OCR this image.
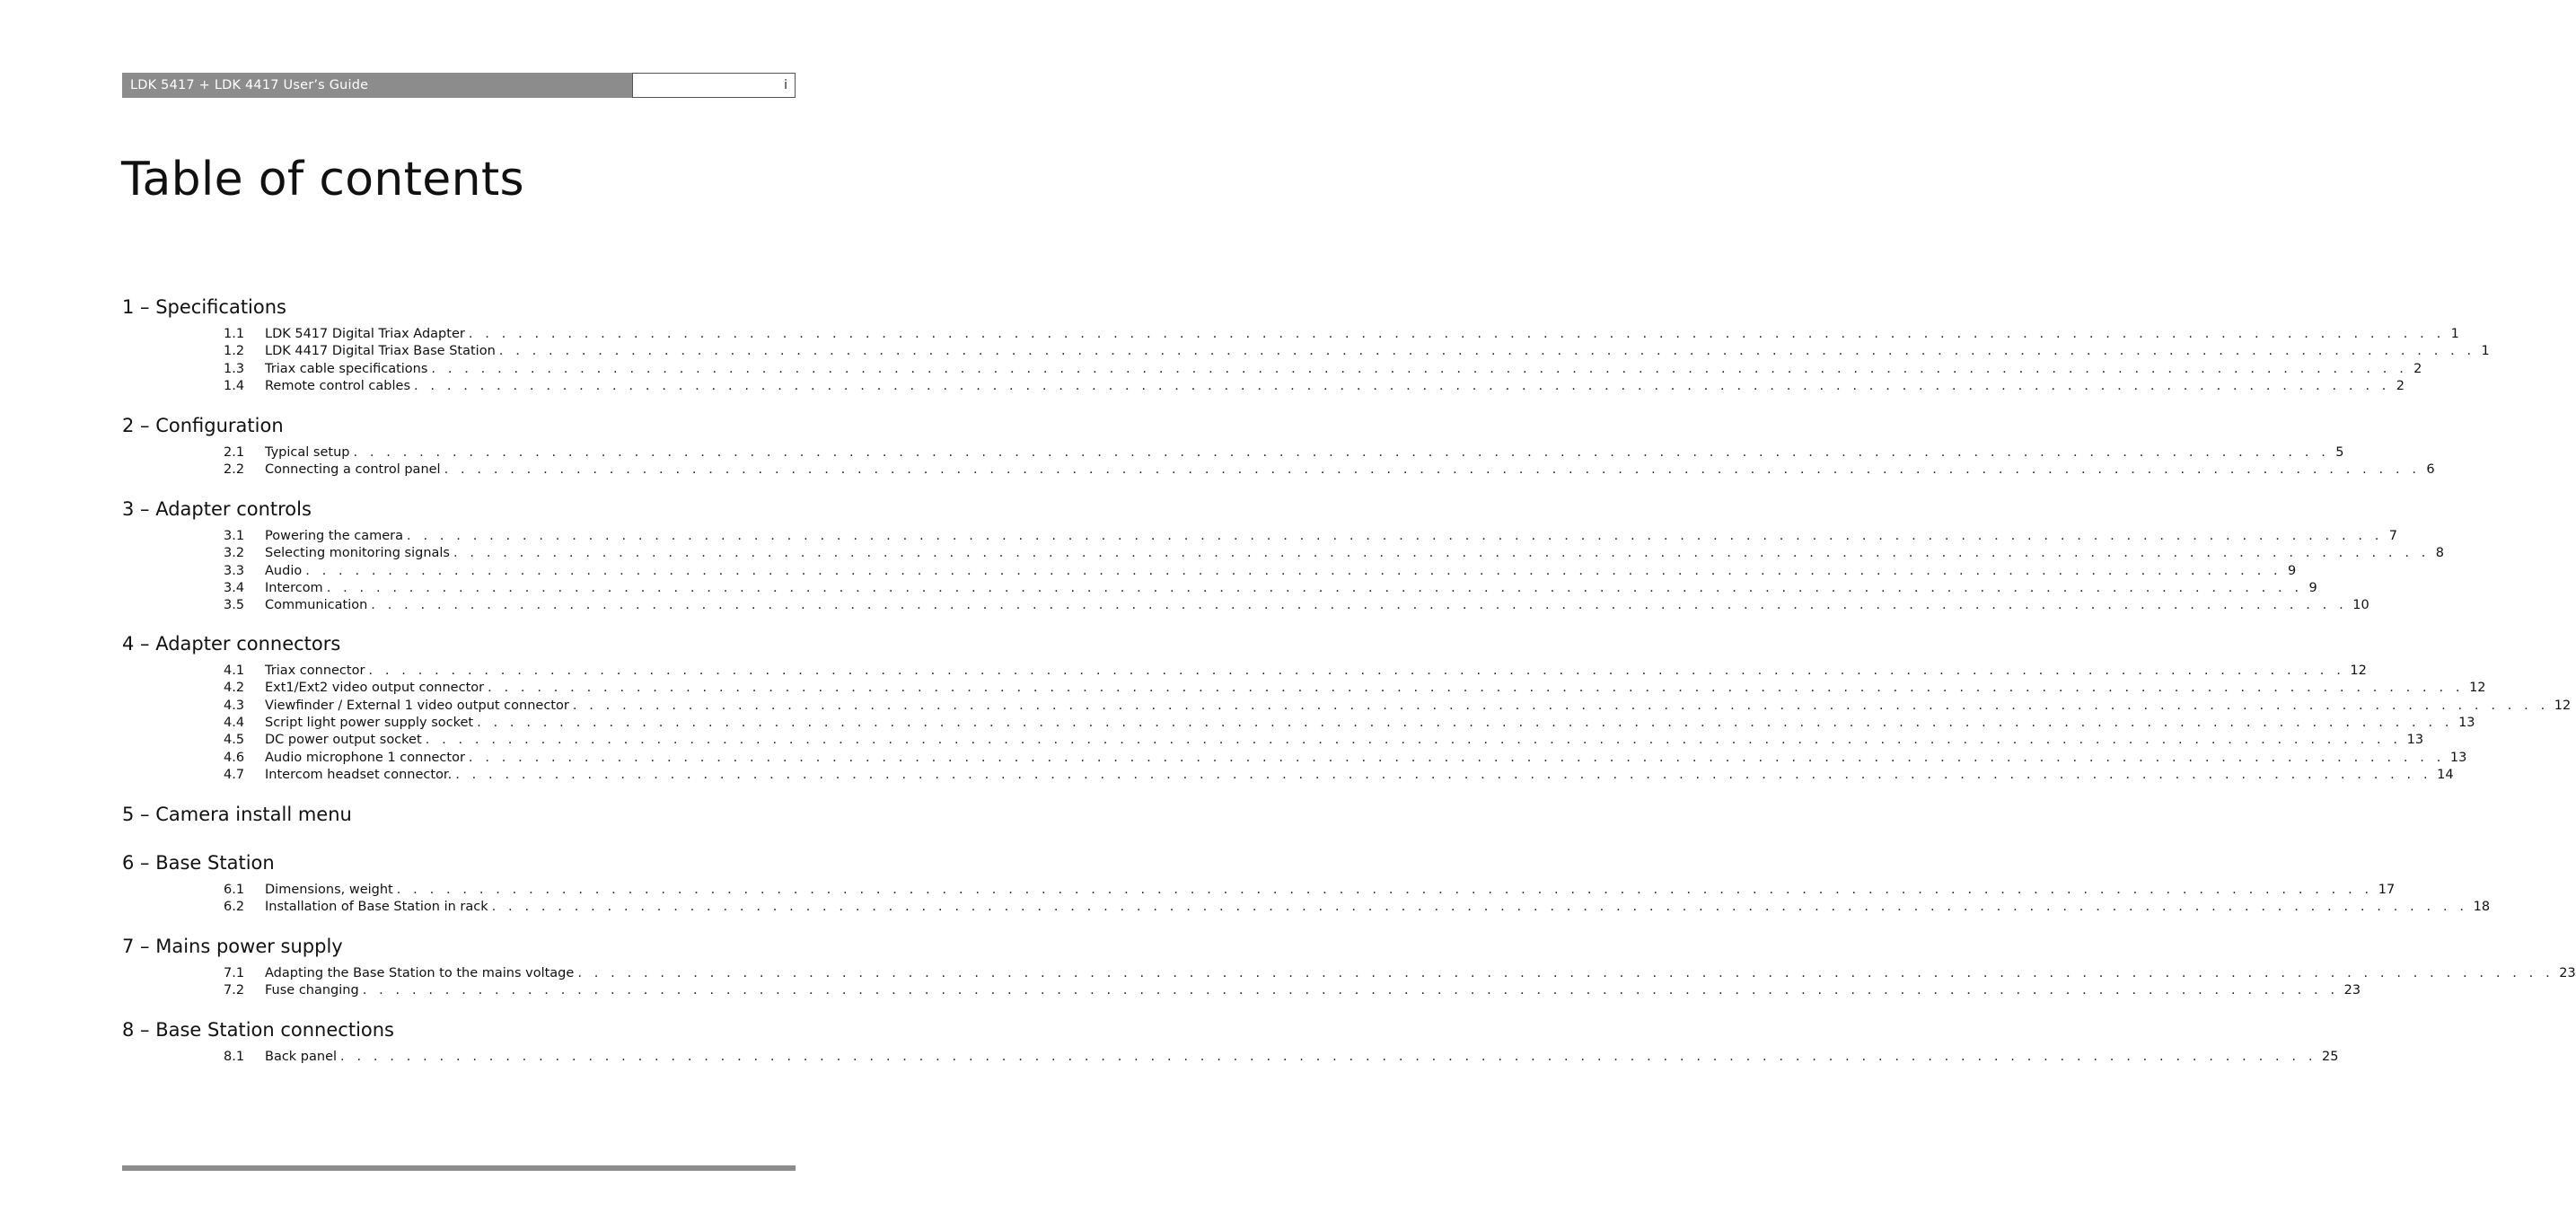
LDK 5417 + LDK 4417 User’s Guide	i
Table of contents
1 – Specifications
1.1	LDK 5417 Digital Triax Adapter . . . . . . . . . . . . . . . . . . . . . . . . . . . . . . . . . . . . . . . . . . . . . . . . . . . . . . . . . . . . . . . . . . . . . . . . . . . . . . . . . . . . . . . . . . . . . . . . . . . . . . . . . . . . . . . . . . . . . . . . 1
1.2	LDK 4417 Digital Triax Base Station . . . . . . . . . . . . . . . . . . . . . . . . . . . . . . . . . . . . . . . . . . . . . . . . . . . . . . . . . . . . . . . . . . . . . . . . . . . . . . . . . . . . . . . . . . . . . . . . . . . . . . . . . . . . . . . . . . . . . . . . 1
1.3	Triax cable specifications . . . . . . . . . . . . . . . . . . . . . . . . . . . . . . . . . . . . . . . . . . . . . . . . . . . . . . . . . . . . . . . . . . . . . . . . . . . . . . . . . . . . . . . . . . . . . . . . . . . . . . . . . . . . . . . . . . . . . . . . 2
1.4	Remote control cables . . . . . . . . . . . . . . . . . . . . . . . . . . . . . . . . . . . . . . . . . . . . . . . . . . . . . . . . . . . . . . . . . . . . . . . . . . . . . . . . . . . . . . . . . . . . . . . . . . . . . . . . . . . . . . . . . . . . . . . . 2
2 – Configuration
2.1	Typical setup . . . . . . . . . . . . . . . . . . . . . . . . . . . . . . . . . . . . . . . . . . . . . . . . . . . . . . . . . . . . . . . . . . . . . . . . . . . . . . . . . . . . . . . . . . . . . . . . . . . . . . . . . . . . . . . . . . . . . . . . 5
2.2	Connecting a control panel . . . . . . . . . . . . . . . . . . . . . . . . . . . . . . . . . . . . . . . . . . . . . . . . . . . . . . . . . . . . . . . . . . . . . . . . . . . . . . . . . . . . . . . . . . . . . . . . . . . . . . . . . . . . . . . . . . . . . . . . 6
3 – Adapter controls
3.1	Powering the camera . . . . . . . . . . . . . . . . . . . . . . . . . . . . . . . . . . . . . . . . . . . . . . . . . . . . . . . . . . . . . . . . . . . . . . . . . . . . . . . . . . . . . . . . . . . . . . . . . . . . . . . . . . . . . . . . . . . . . . . . 7
3.2	Selecting monitoring signals . . . . . . . . . . . . . . . . . . . . . . . . . . . . . . . . . . . . . . . . . . . . . . . . . . . . . . . . . . . . . . . . . . . . . . . . . . . . . . . . . . . . . . . . . . . . . . . . . . . . . . . . . . . . . . . . . . . . . . . . 8
3.3	Audio . . . . . . . . . . . . . . . . . . . . . . . . . . . . . . . . . . . . . . . . . . . . . . . . . . . . . . . . . . . . . . . . . . . . . . . . . . . . . . . . . . . . . . . . . . . . . . . . . . . . . . . . . . . . . . . . . . . . . . . . 9
3.4	Intercom . . . . . . . . . . . . . . . . . . . . . . . . . . . . . . . . . . . . . . . . . . . . . . . . . . . . . . . . . . . . . . . . . . . . . . . . . . . . . . . . . . . . . . . . . . . . . . . . . . . . . . . . . . . . . . . . . . . . . . . . 9
3.5	Communication . . . . . . . . . . . . . . . . . . . . . . . . . . . . . . . . . . . . . . . . . . . . . . . . . . . . . . . . . . . . . . . . . . . . . . . . . . . . . . . . . . . . . . . . . . . . . . . . . . . . . . . . . . . . . . . . . . . . . . . . 10
4 – Adapter connectors
4.1	Triax connector . . . . . . . . . . . . . . . . . . . . . . . . . . . . . . . . . . . . . . . . . . . . . . . . . . . . . . . . . . . . . . . . . . . . . . . . . . . . . . . . . . . . . . . . . . . . . . . . . . . . . . . . . . . . . . . . . . . . . . . . 12
4.2	Ext1/Ext2 video output connector . . . . . . . . . . . . . . . . . . . . . . . . . . . . . . . . . . . . . . . . . . . . . . . . . . . . . . . . . . . . . . . . . . . . . . . . . . . . . . . . . . . . . . . . . . . . . . . . . . . . . . . . . . . . . . . . . . . . . . . . 12
4.3	Viewfinder / External 1 video output connector . . . . . . . . . . . . . . . . . . . . . . . . . . . . . . . . . . . . . . . . . . . . . . . . . . . . . . . . . . . . . . . . . . . . . . . . . . . . . . . . . . . . . . . . . . . . . . . . . . . . . . . . . . . . . . . . . . . . . . . . 12
4.4	Script light power supply socket . . . . . . . . . . . . . . . . . . . . . . . . . . . . . . . . . . . . . . . . . . . . . . . . . . . . . . . . . . . . . . . . . . . . . . . . . . . . . . . . . . . . . . . . . . . . . . . . . . . . . . . . . . . . . . . . . . . . . . . . 13
4.5	DC power output socket . . . . . . . . . . . . . . . . . . . . . . . . . . . . . . . . . . . . . . . . . . . . . . . . . . . . . . . . . . . . . . . . . . . . . . . . . . . . . . . . . . . . . . . . . . . . . . . . . . . . . . . . . . . . . . . . . . . . . . . . 13
4.6	Audio microphone 1 connector . . . . . . . . . . . . . . . . . . . . . . . . . . . . . . . . . . . . . . . . . . . . . . . . . . . . . . . . . . . . . . . . . . . . . . . . . . . . . . . . . . . . . . . . . . . . . . . . . . . . . . . . . . . . . . . . . . . . . . . . 13
4.7	Intercom headset connector. . . . . . . . . . . . . . . . . . . . . . . . . . . . . . . . . . . . . . . . . . . . . . . . . . . . . . . . . . . . . . . . . . . . . . . . . . . . . . . . . . . . . . . . . . . . . . . . . . . . . . . . . . . . . . . . . . . . . . . . . 14
5 – Camera install menu
6 – Base Station
6.1	Dimensions, weight . . . . . . . . . . . . . . . . . . . . . . . . . . . . . . . . . . . . . . . . . . . . . . . . . . . . . . . . . . . . . . . . . . . . . . . . . . . . . . . . . . . . . . . . . . . . . . . . . . . . . . . . . . . . . . . . . . . . . . . . 17
6.2	Installation of Base Station in rack . . . . . . . . . . . . . . . . . . . . . . . . . . . . . . . . . . . . . . . . . . . . . . . . . . . . . . . . . . . . . . . . . . . . . . . . . . . . . . . . . . . . . . . . . . . . . . . . . . . . . . . . . . . . . . . . . . . . . . . . 18
7 – Mains power supply
7.1	Adapting the Base Station to the mains voltage . . . . . . . . . . . . . . . . . . . . . . . . . . . . . . . . . . . . . . . . . . . . . . . . . . . . . . . . . . . . . . . . . . . . . . . . . . . . . . . . . . . . . . . . . . . . . . . . . . . . . . . . . . . . . . . . . . . . . . . . 23
7.2	Fuse changing . . . . . . . . . . . . . . . . . . . . . . . . . . . . . . . . . . . . . . . . . . . . . . . . . . . . . . . . . . . . . . . . . . . . . . . . . . . . . . . . . . . . . . . . . . . . . . . . . . . . . . . . . . . . . . . . . . . . . . . . 23
8 – Base Station connections
8.1	Back panel . . . . . . . . . . . . . . . . . . . . . . . . . . . . . . . . . . . . . . . . . . . . . . . . . . . . . . . . . . . . . . . . . . . . . . . . . . . . . . . . . . . . . . . . . . . . . . . . . . . . . . . . . . . . . . . . . . . . . . . . 25
